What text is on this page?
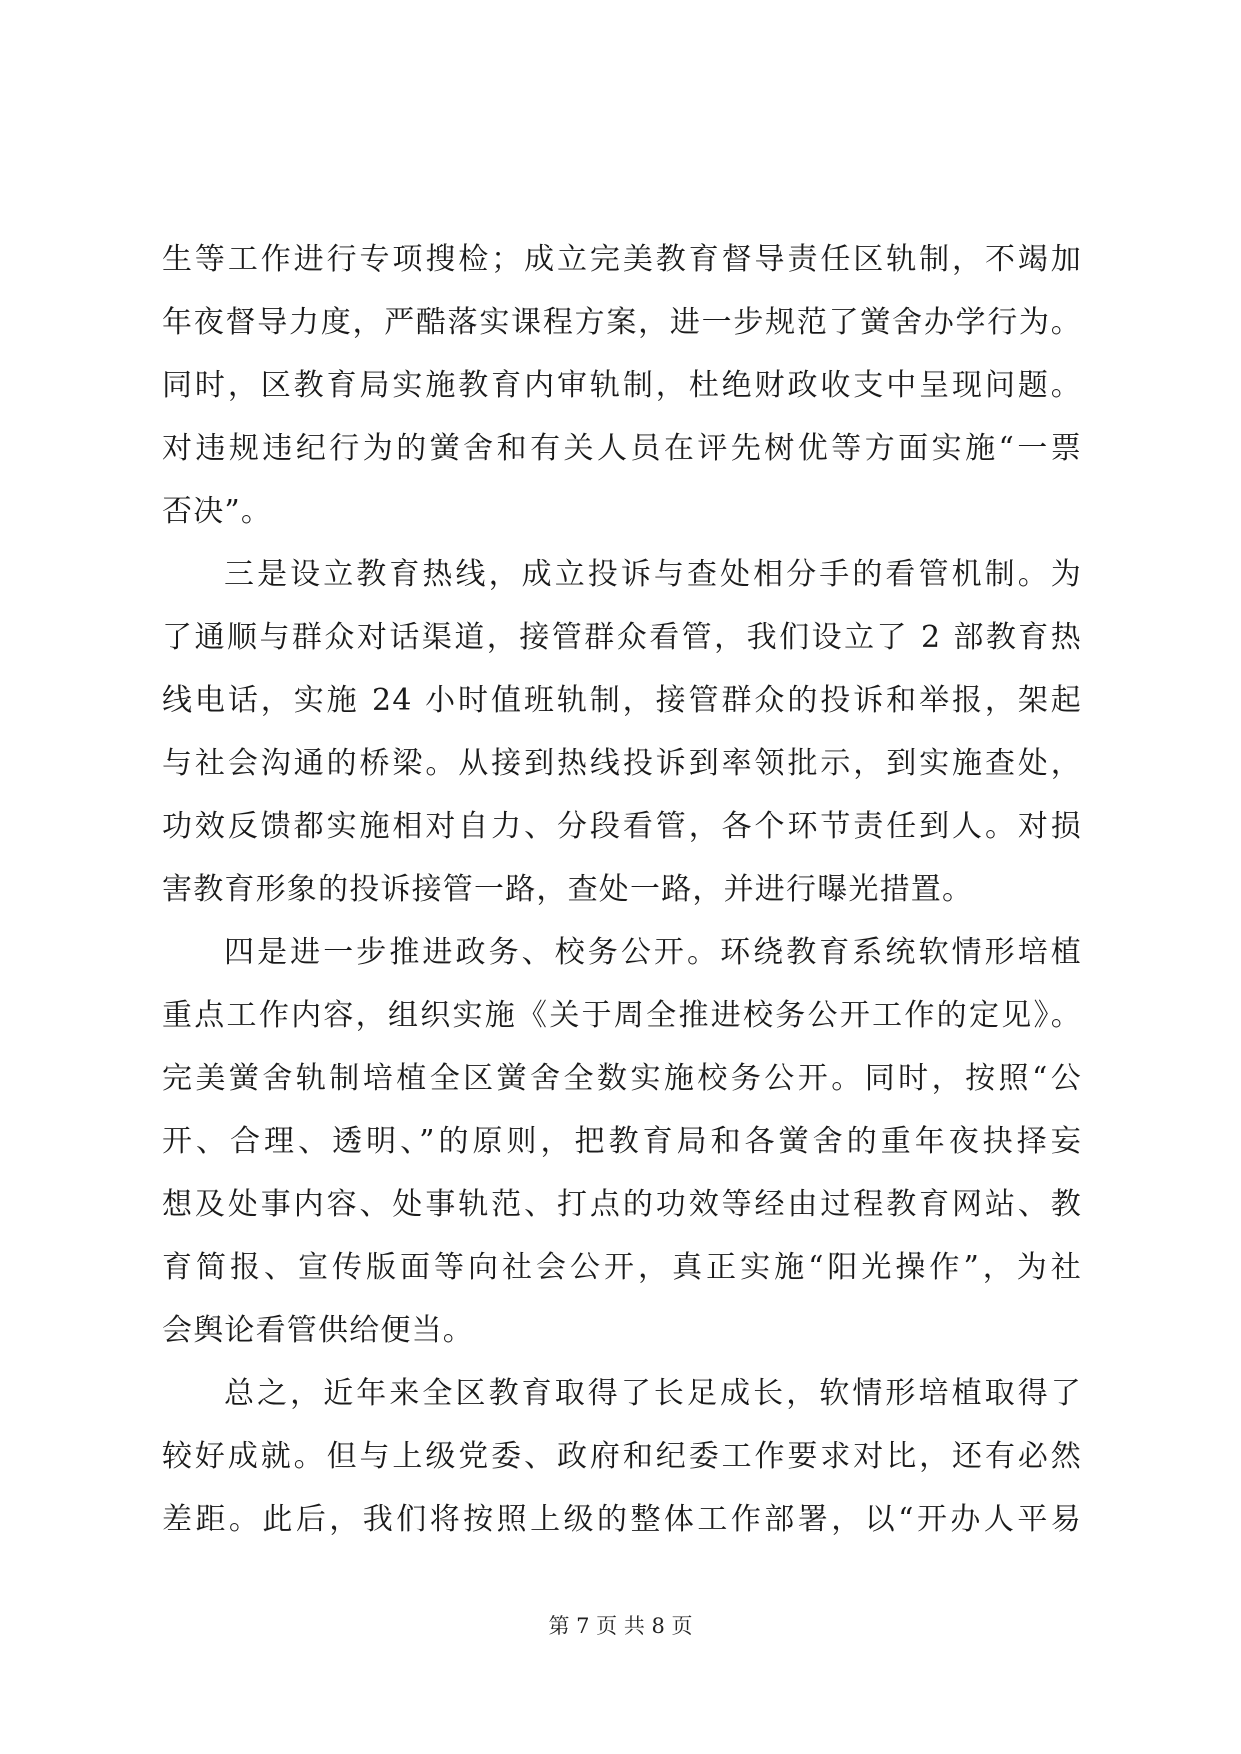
生等工作进行专项搜检；成立完美教育督导责任区轨制，不竭加
年夜督导力度，严酷落实课程方案，进一步规范了黉舍办学行为。
同时，区教育局实施教育内审轨制，杜绝财政收支中呈现问题。
对违规违纪行为的黉舍和有关人员在评先树优等方面实施“一票
否决”。
三是设立教育热线，成立投诉与查处相分手的看管机制。为
了通顺与群众对话渠道，接管群众看管，我们设立了 2 部教育热
线电话，实施 24 小时值班轨制，接管群众的投诉和举报，架起
与社会沟通的桥梁。从接到热线投诉到率领批示，到实施查处，
功效反馈都实施相对自力、分段看管，各个环节责任到人。对损
害教育形象的投诉接管一路，查处一路，并进行曝光措置。
四是进一步推进政务、校务公开。环绕教育系统软情形培植
重点工作内容，组织实施《关于周全推进校务公开工作的定见》。
完美黉舍轨制培植全区黉舍全数实施校务公开。同时，按照“公
开、合理、透明、”的原则，把教育局和各黉舍的重年夜抉择妄
想及处事内容、处事轨范、打点的功效等经由过程教育网站、教
育简报、宣传版面等向社会公开，真正实施“阳光操作”，为社
会舆论看管供给便当。
总之，近年来全区教育取得了长足成长，软情形培植取得了
较好成就。但与上级党委、政府和纪委工作要求对比，还有必然
差距。此后，我们将按照上级的整体工作部署，以“开办人平易
第 7 页 共 8 页
